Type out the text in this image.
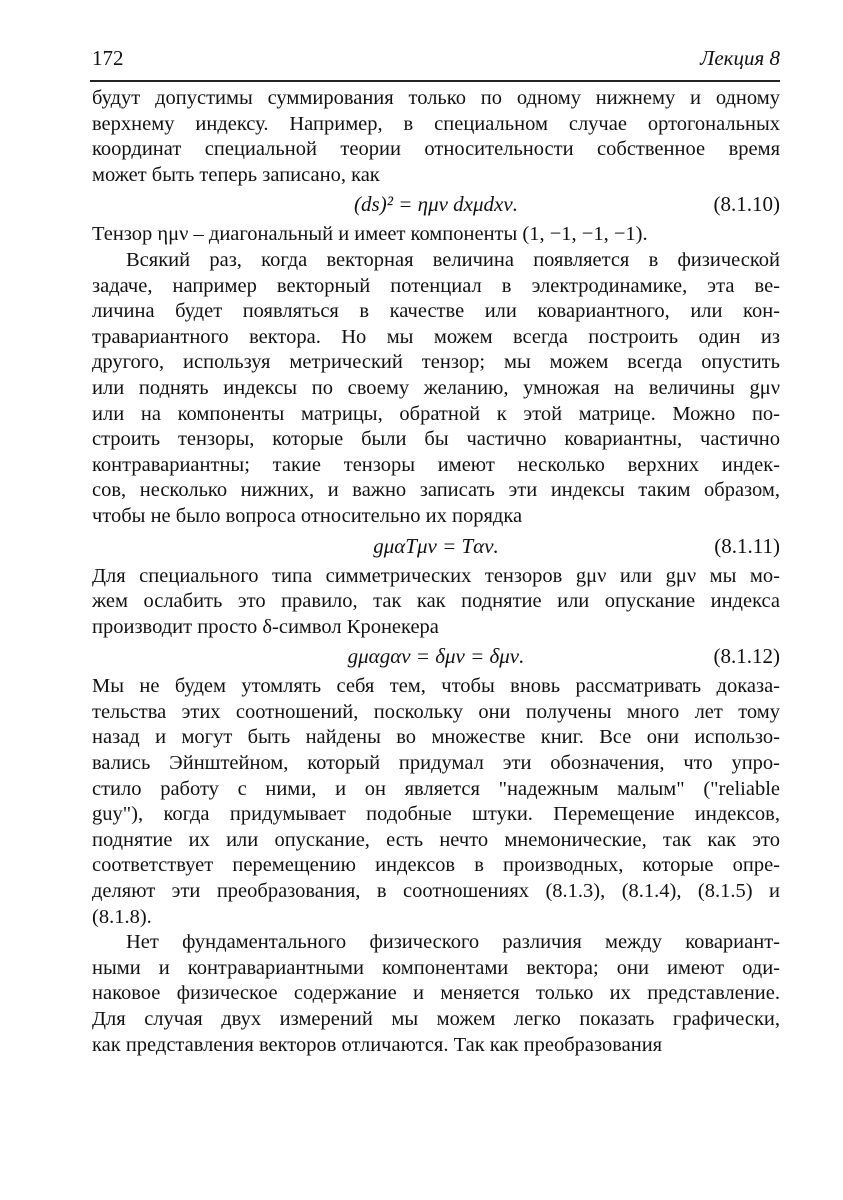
172	Лекция 8
будут допустимы суммирования только по одному нижнему и одному
верхнему индексу. Например, в специальном случае ортогональных
координат специальной теории относительности собственное время
может быть теперь записано, как
(ds)² = ημν dxμdxν.	(8.1.10)
Тензор ημν – диагональный и имеет компоненты (1, −1, −1, −1).
Всякий раз, когда векторная величина появляется в физической
задаче, например векторный потенциал в электродинамике, эта ве-
личина будет появляться в качестве или ковариантного, или кон-
травариантного вектора. Но мы можем всегда построить один из
другого, используя метрический тензор; мы можем всегда опустить
или поднять индексы по своему желанию, умножая на величины gμν
или на компоненты матрицы, обратной к этой матрице. Можно по-
строить тензоры, которые были бы частично ковариантны, частично
контравариантны; такие тензоры имеют несколько верхних индек-
сов, несколько нижних, и важно записать эти индексы таким образом,
чтобы не было вопроса относительно их порядка
gμαTμν = Tαν.	(8.1.11)
Для специального типа симметрических тензоров gμν или gμν мы мо-
жем ослабить это правило, так как поднятие или опускание индекса
производит просто δ-символ Кронекера
gμαgαν = δμν = δμν.	(8.1.12)
Мы не будем утомлять себя тем, чтобы вновь рассматривать доказа-
тельства этих соотношений, поскольку они получены много лет тому
назад и могут быть найдены во множестве книг. Все они использо-
вались Эйнштейном, который придумал эти обозначения, что упро-
стило работу с ними, и он является "надежным малым" ("reliable
guy"), когда придумывает подобные штуки. Перемещение индексов,
поднятие их или опускание, есть нечто мнемонические, так как это
соответствует перемещению индексов в производных, которые опре-
деляют эти преобразования, в соотношениях (8.1.3), (8.1.4), (8.1.5) и
(8.1.8).
Нет фундаментального физического различия между ковариант-
ными и контравариантными компонентами вектора; они имеют оди-
наковое физическое содержание и меняется только их представление.
Для случая двух измерений мы можем легко показать графически,
как представления векторов отличаются. Так как преобразования
